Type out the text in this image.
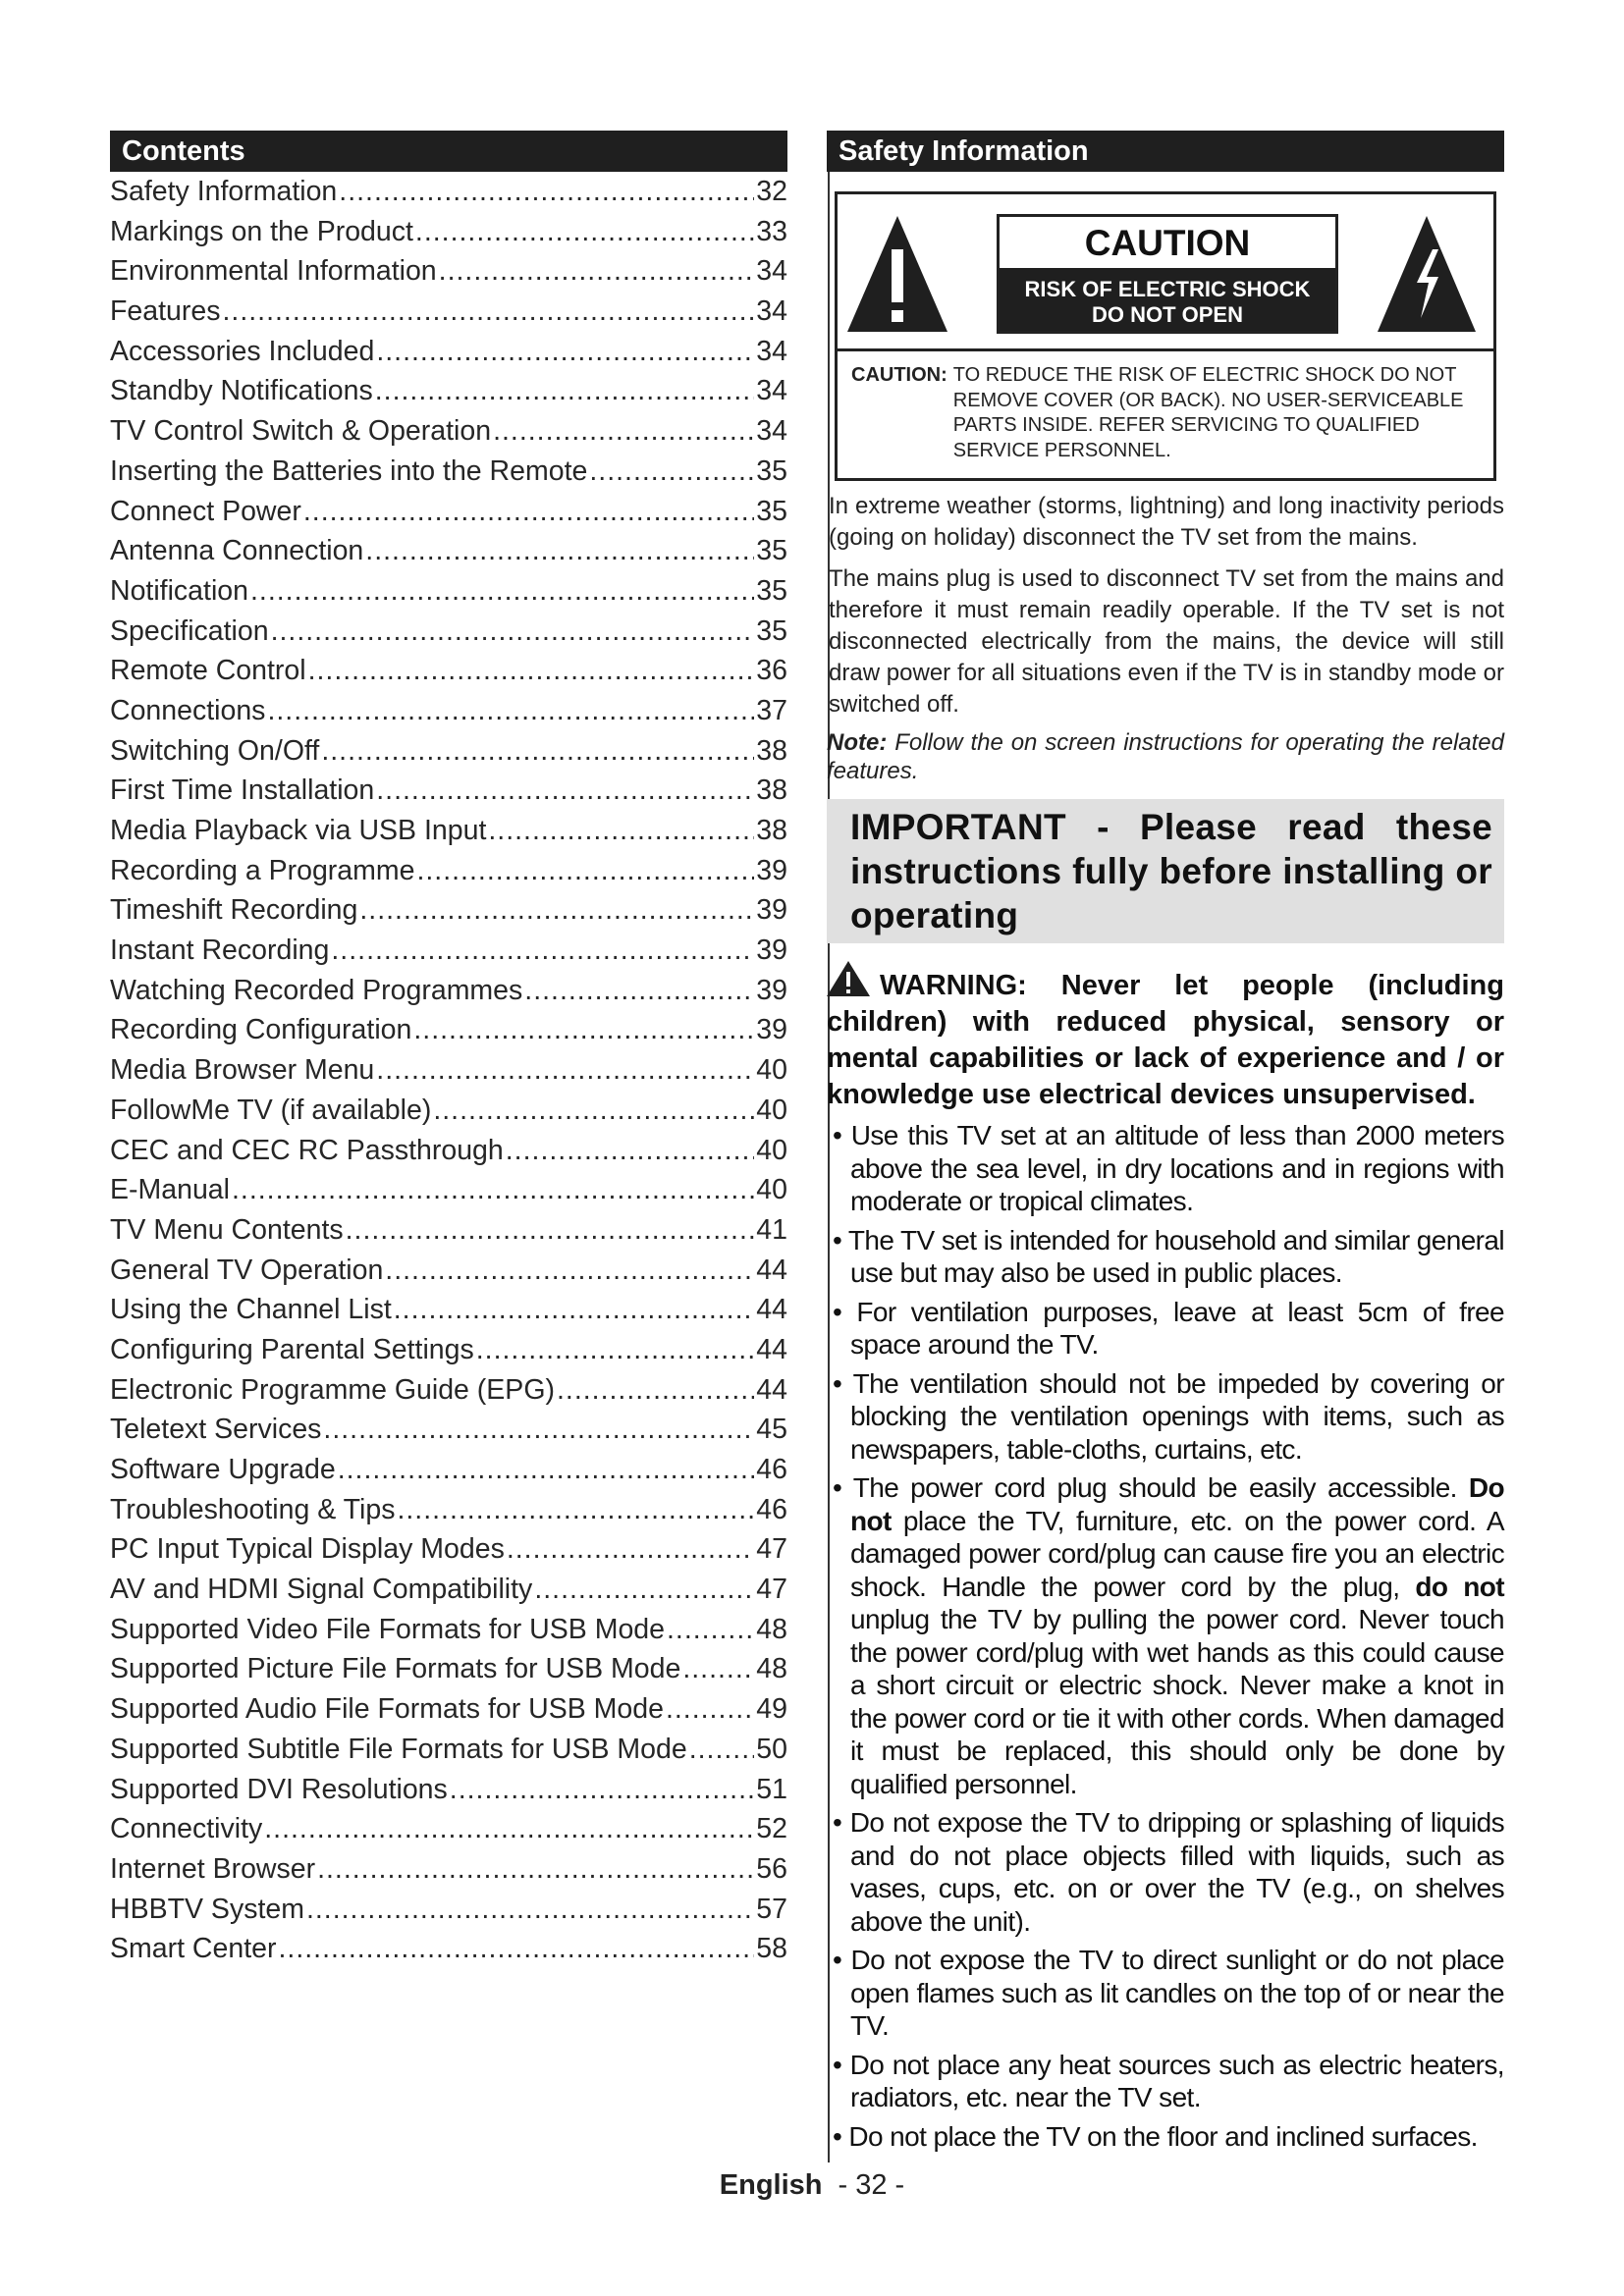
Contents
Safety Information .....	32
Markings on the Product .....	33
Environmental Information .....	34
Features .....	34
Accessories Included .....	34
Standby Notifications .....	34
TV Control Switch & Operation .....	34
Inserting the Batteries into the Remote .....	35
Connect Power .....	35
Antenna Connection .....	35
Notification .....	35
Specification .....	35
Remote Control .....	36
Connections .....	37
Switching On/Off .....	38
First Time Installation .....	38
Media Playback via USB Input .....	38
Recording a Programme .....	39
Timeshift Recording .....	39
Instant Recording .....	39
Watching Recorded Programmes .....	39
Recording Configuration .....	39
Media Browser Menu .....	40
FollowMe TV (if available) .....	40
CEC and CEC RC Passthrough .....	40
E-Manual .....	40
TV Menu Contents .....	41
General TV Operation .....	44
Using the Channel List .....	44
Configuring Parental Settings .....	44
Electronic Programme Guide (EPG) .....	44
Teletext Services .....	45
Software Upgrade .....	46
Troubleshooting & Tips .....	46
PC Input Typical Display Modes .....	47
AV and HDMI Signal Compatibility .....	47
Supported Video File Formats for USB Mode .....	48
Supported Picture File Formats for USB Mode .....	48
Supported Audio File Formats for USB Mode .....	49
Supported Subtitle File Formats for USB Mode ..... 50
Supported DVI Resolutions .....	51
Connectivity .....	52
Internet Browser .....	56
HBBTV System .....	57
Smart Center .....	58
Safety Information
CAUTION
RISK OF ELECTRIC SHOCK
DO NOT OPEN
CAUTION: TO REDUCE THE RISK OF ELECTRIC SHOCK DO NOT REMOVE COVER (OR BACK). NO USER-SERVICEABLE PARTS INSIDE. REFER SERVICING TO QUALIFIED SERVICE PERSONNEL.

In extreme weather (storms, lightning) and long inactivity periods (going on holiday) disconnect the TV set from the mains.

The mains plug is used to disconnect TV set from the mains and therefore it must remain readily operable. If the TV set is not disconnected electrically from the mains, the device will still draw power for all situations even if the TV is in standby mode or switched off.

Note: Follow the on screen instructions for operating the related features.

IMPORTANT - Please read these instructions fully before installing or operating
WARNING: Never let people (including children) with reduced physical, sensory or mental capabilities or lack of experience and / or knowledge use electrical devices unsupervised.
• Use this TV set at an altitude of less than 2000 meters above the sea level, in dry locations and in regions with moderate or tropical climates.
• The TV set is intended for household and similar general use but may also be used in public places.
• For ventilation purposes, leave at least 5cm of free space around the TV.
• The ventilation should not be impeded by covering or blocking the ventilation openings with items, such as newspapers, table-cloths, curtains, etc.
• The power cord plug should be easily accessible. Do not place the TV, furniture, etc. on the power cord. A damaged power cord/plug can cause fire you an electric shock. Handle the power cord by the plug, do not unplug the TV by pulling the power cord. Never touch the power cord/plug with wet hands as this could cause a short circuit or electric shock. Never make a knot in the power cord or tie it with other cords. When damaged it must be replaced, this should only be done by qualified personnel.
• Do not expose the TV to dripping or splashing of liquids and do not place objects filled with liquids, such as vases, cups, etc. on or over the TV (e.g., on shelves above the unit).
• Do not expose the TV to direct sunlight or do not place open flames such as lit candles on the top of or near the TV.
• Do not place any heat sources such as electric heaters, radiators, etc. near the TV set.
• Do not place the TV on the floor and inclined surfaces.
English - 32 -
